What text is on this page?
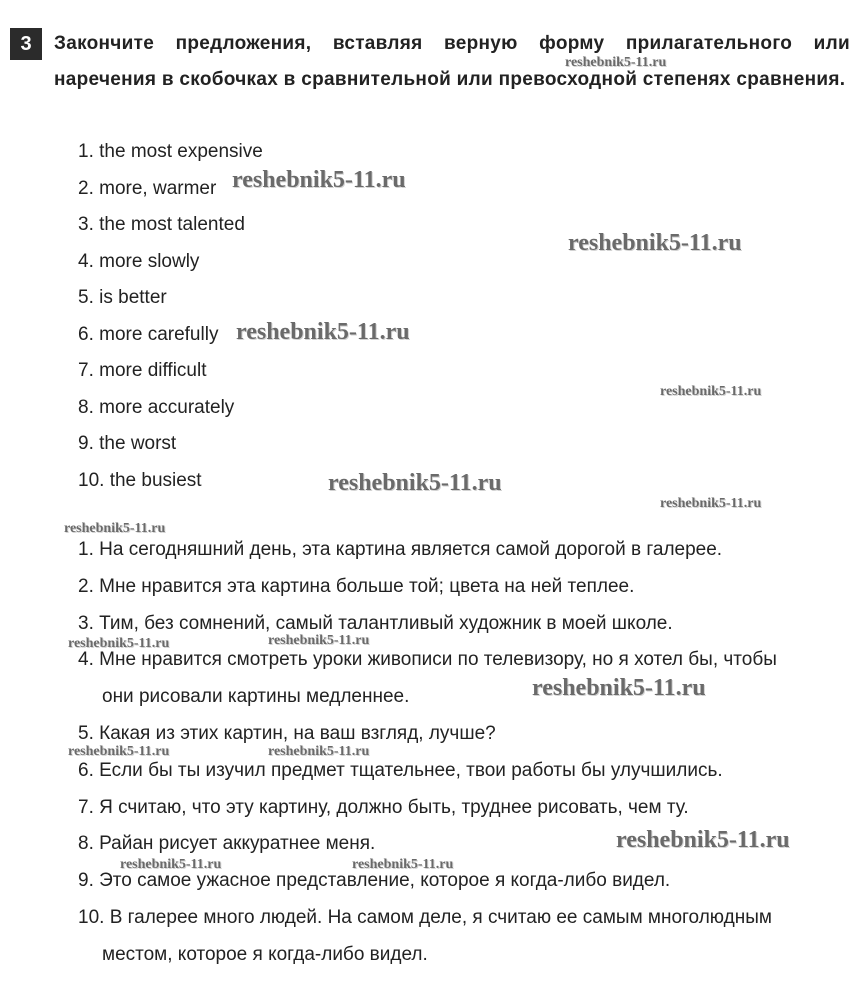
3	Закончите предложения, вставляя верную форму прилагательного или наречения в скобочках в сравнительной или превосходной степенях сравнения.
1. the most expensive
2. more, warmer
3. the most talented
4. more slowly
5. is better
6. more carefully
7. more difficult
8. more accurately
9. the worst
10. the busiest
1. На сегодняшний день, эта картина является самой дорогой в галерее.
2. Мне нравится эта картина больше той; цвета на ней теплее.
3. Тим, без сомнений, самый талантливый художник в моей школе.
4. Мне нравится смотреть уроки живописи по телевизору, но я хотел бы, чтобы
они рисовали картины медленнее.
5. Какая из этих картин, на ваш взгляд, лучше?
6. Если бы ты изучил предмет тщательнее, твои работы бы улучшились.
7. Я считаю, что эту картину, должно быть, труднее рисовать, чем ту.
8. Райан рисует аккуратнее меня.
9. Это самое ужасное представление, которое я когда-либо видел.
10. В галерее много людей. На самом деле, я считаю ее самым многолюдным
местом, которое я когда-либо видел.
reshebnik5-11.ru
reshebnik5-11.ru
reshebnik5-11.ru
reshebnik5-11.ru
reshebnik5-11.ru
reshebnik5-11.ru
reshebnik5-11.ru
reshebnik5-11.ru
reshebnik5-11.ru	reshebnik5-11.ru
reshebnik5-11.ru
reshebnik5-11.ru	reshebnik5-11.ru
reshebnik5-11.ru
reshebnik5-11.ru	reshebnik5-11.ru
